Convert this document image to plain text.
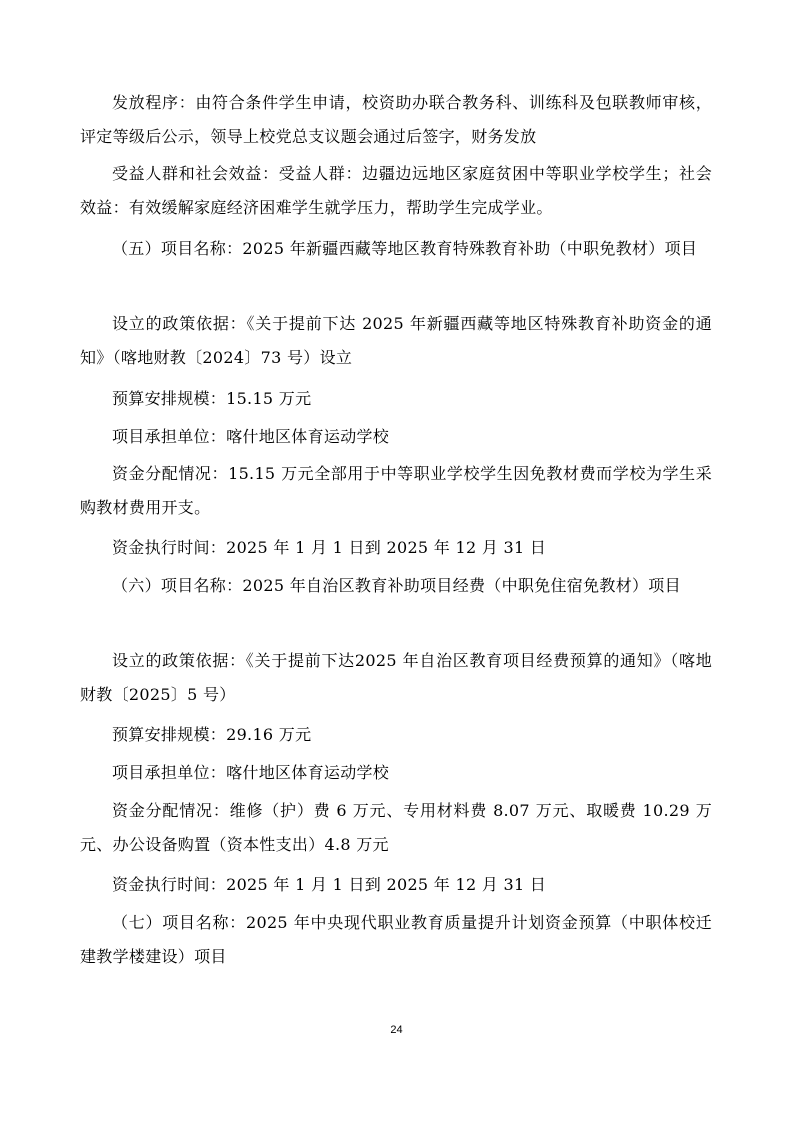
发放程序：由符合条件学生申请，校资助办联合教务科、训练科及包联教师审核，评定等级后公示，领导上校党总支议题会通过后签字，财务发放

受益人群和社会效益：受益人群：边疆边远地区家庭贫困中等职业学校学生；社会效益：有效缓解家庭经济困难学生就学压力，帮助学生完成学业。

（五）项目名称：2025 年新疆西藏等地区教育特殊教育补助（中职免教材）项目

设立的政策依据：《关于提前下达 2025 年新疆西藏等地区特殊教育补助资金的通知》（喀地财教〔2024〕73 号）设立

预算安排规模：15.15 万元

项目承担单位：喀什地区体育运动学校

资金分配情况：15.15 万元全部用于中等职业学校学生因免教材费而学校为学生采购教材费用开支。

资金执行时间：2025 年 1 月 1 日到 2025 年 12 月 31 日

（六）项目名称：2025 年自治区教育补助项目经费（中职免住宿免教材）项目

设立的政策依据：《关于提前下达2025 年自治区教育项目经费预算的通知》（喀地财教〔2025〕5 号）

预算安排规模：29.16 万元

项目承担单位：喀什地区体育运动学校

资金分配情况：维修（护）费 6 万元、专用材料费 8.07 万元、取暖费 10.29 万元、办公设备购置（资本性支出）4.8 万元

资金执行时间：2025 年 1 月 1 日到 2025 年 12 月 31 日

（七）项目名称：2025 年中央现代职业教育质量提升计划资金预算（中职体校迁建教学楼建设）项目

24
